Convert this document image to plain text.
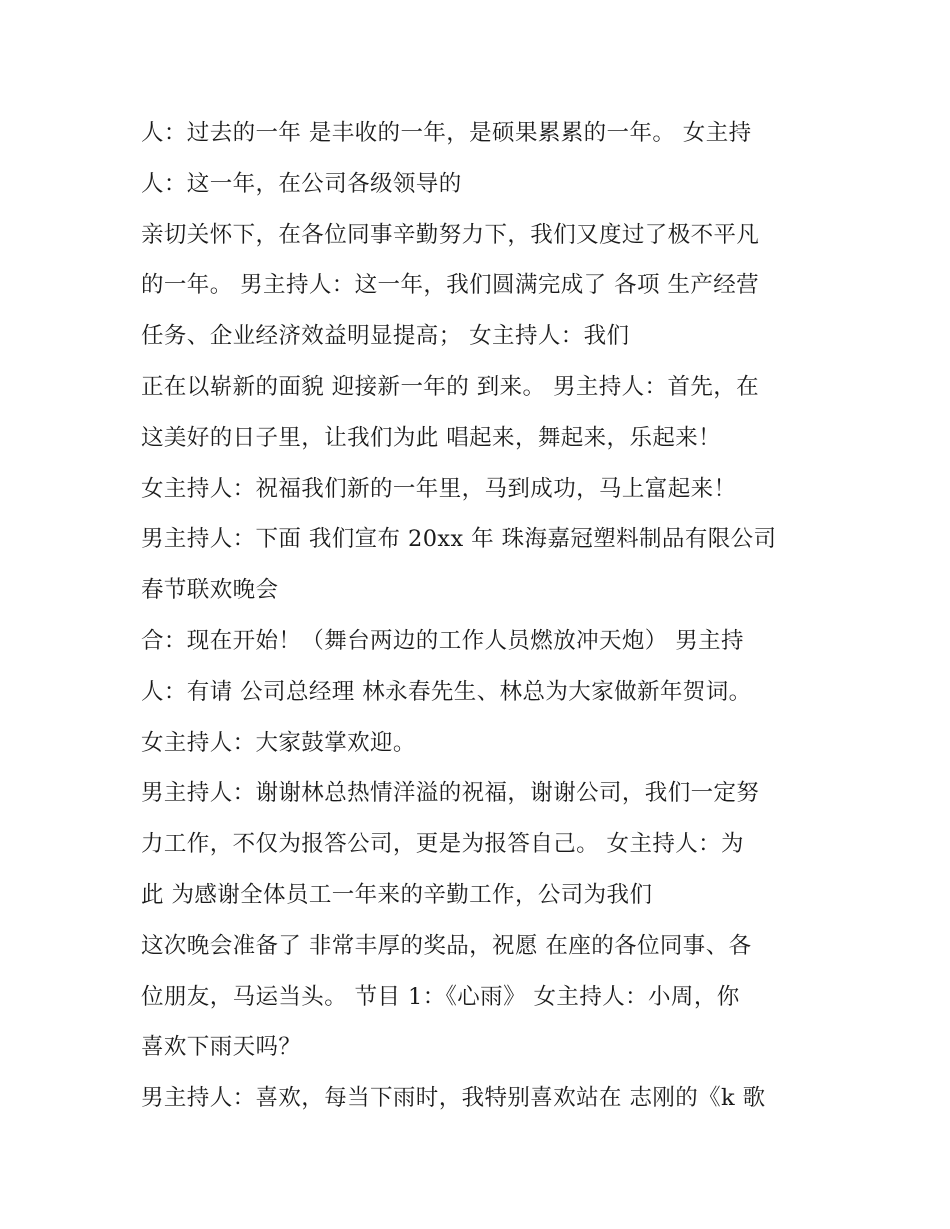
人：过去的一年 是丰收的一年，是硕果累累的一年。 女主持
人：这一年，在公司各级领导的
亲切关怀下，在各位同事辛勤努力下，我们又度过了极不平凡
的一年。 男主持人：这一年，我们圆满完成了 各项 生产经营
任务、企业经济效益明显提高； 女主持人：我们
正在以崭新的面貌 迎接新一年的 到来。 男主持人：首先，在
这美好的日子里，让我们为此 唱起来，舞起来，乐起来！
女主持人：祝福我们新的一年里，马到成功，马上富起来！
男主持人：下面 我们宣布 20xx 年 珠海嘉冠塑料制品有限公司
春节联欢晚会
合：现在开始！（舞台两边的工作人员燃放冲天炮） 男主持
人：有请 公司总经理 林永春先生、林总为大家做新年贺词。
女主持人：大家鼓掌欢迎。
男主持人：谢谢林总热情洋溢的祝福，谢谢公司，我们一定努
力工作，不仅为报答公司，更是为报答自己。 女主持人：为
此 为感谢全体员工一年来的辛勤工作，公司为我们
这次晚会准备了 非常丰厚的奖品，祝愿 在座的各位同事、各
位朋友，马运当头。 节目 1：《心雨》 女主持人：小周，你
喜欢下雨天吗？
男主持人：喜欢，每当下雨时，我特别喜欢站在 志刚的《k 歌
